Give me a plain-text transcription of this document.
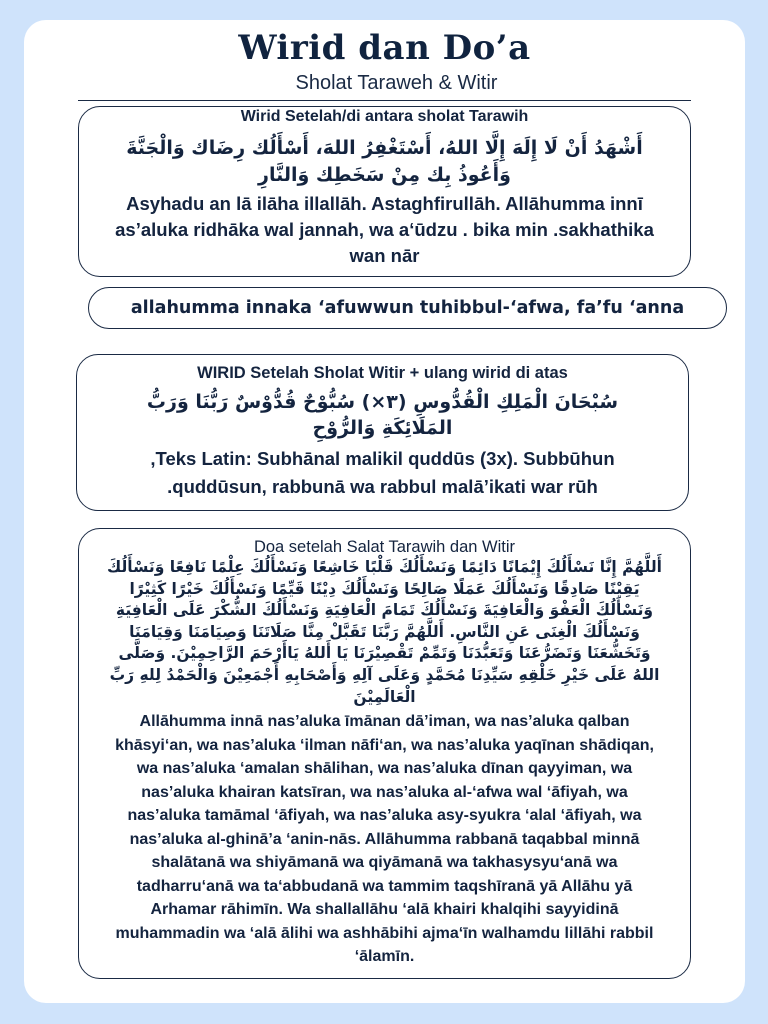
Wirid dan Do’a
Sholat Taraweh & Witir
Wirid Setelah/di antara sholat Tarawih
أَشْهَدُ أَنْ لَا إِلَهَ إِلَّا اللهُ، أَسْتَغْفِرُ اللهَ، أَسْأَلُك رِضَاك وَالْجَنَّةَ وَأَعُوذُ بِك مِنْ سَخَطِك وَالنَّارِ
Asyhadu an lā ilāha illallāh. Astaghfirullāh. Allāhumma innī as’aluka ridhāka wal jannah, wa a‘ūdzu . bika min .sakhathika wan nār
allahumma innaka ‘afuwwun tuhibbul-‘afwa, fa’fu ‘anna
WIRID Setelah Sholat Witir + ulang wirid di atas
سُبْحَانَ الْمَلِكِ الْقُدُّوسِ (٣×) سُبُّوْحٌ قُدُّوْسٌ رَبُّنَا وَرَبُّ المَلَائِكَةِ وَالرُّوْحِ
,Teks Latin: Subhānal malikil quddūs (3x). Subbūhun .quddūsun, rabbunā wa rabbul malā’ikati war rūh
Doa setelah Salat Tarawih dan Witir
أَللَّهُمَّ إِنَّا نَسْأَلُكَ إِيْمَانًا دَائِمًا وَنَسْأَلُكَ قَلْبًا خَاشِعًا وَنَسْأَلُكَ عِلْمًا نَافِعًا وَنَسْأَلُكَ يَقِيْنًا صَادِقًا وَنَسْأَلُكَ عَمَلًا صَالِحًا وَنَسْأَلُكَ دِيْنًا قَيِّمًا وَنَسْأَلُكَ خَيْرًا كَثِيْرًا وَنَسْأَلُكَ الْعَفْوَ وَالْعَافِيَةَ وَنَسْأَلُكَ تَمَامَ الْعَافِيَةِ وَنَسْأَلُكَ الشُّكْرَ عَلَى الْعَافِيَةِ وَنَسْأَلُكَ الْغِنَى عَنِ النَّاسِ. أَللَّهُمَّ رَبَّنَا تَقَبَّلْ مِنَّا صَلَاتَنَا وَصِيَامَنَا وَقِيَامَنَا وَتَخَشُّعَنَا وَتَضَرُّعَنَا وَتَعَبُّدَنَا وَتَمِّمْ تَقْصِيْرَنَا يَا أَللهُ يَاأَرْحَمَ الرَّاحِمِيْنَ. وَصَلَّى اللهُ عَلَى خَيْرِ خَلْقِهِ سَيِّدِنَا مُحَمَّدٍ وَعَلَى آلِهِ وَأَصْحَابِهِ أَجْمَعِيْنَ وَالْحَمْدُ لِلهِ رَبِّ الْعَالَمِيْنَ
Allāhumma innā nas’aluka īmānan dā’iman, wa nas’aluka qalban khāsyi‘an, wa nas’aluka ‘ilman nāfi‘an, wa nas’aluka yaqīnan shādiqan, wa nas’aluka ‘amalan shālihan, wa nas’aluka dīnan qayyiman, wa nas’aluka khairan katsīran, wa nas’aluka al-‘afwa wal ‘āfiyah, wa nas’aluka tamāmal ‘āfiyah, wa nas’aluka asy-syukra ‘alal ‘āfiyah, wa nas’aluka al-ghinā’a ‘anin-nās. Allāhumma rabbanā taqabbal minnā shalātanā wa shiyāmanā wa qiyāmanā wa takhasysyu‘anā wa tadharru‘anā wa ta‘abbudanā wa tammim taqshīranā yā Allāhu yā Arhamar rāhimīn. Wa shallallāhu ‘alā khairi khalqihi sayyidinā muhammadin wa ‘alā ālihi wa ashhābihi ajma‘īn walhamdu lillāhi rabbil ‘ālamīn.
